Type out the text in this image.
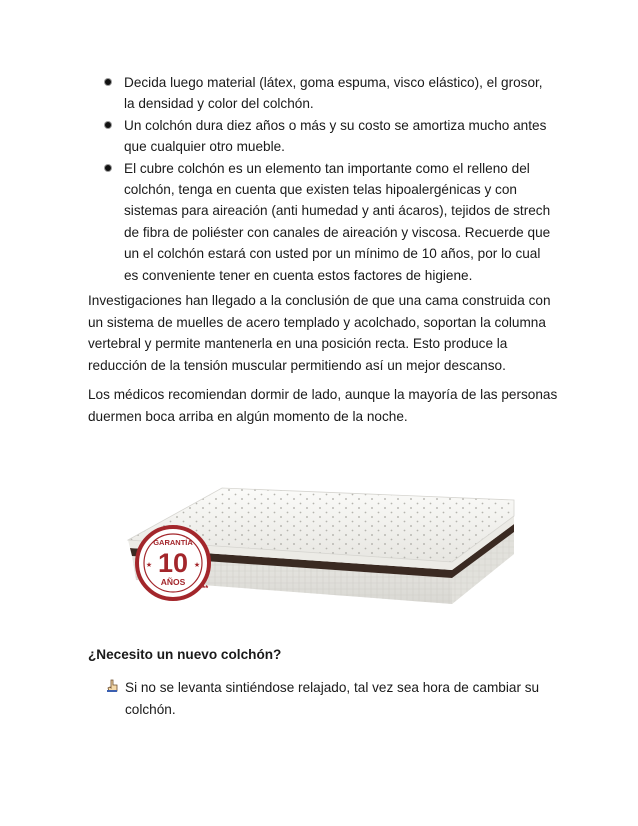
Decida luego material (látex, goma espuma, visco elástico), el grosor, la densidad y color del colchón.
Un colchón dura diez años o más y su costo se amortiza mucho antes que cualquier otro mueble.
El cubre colchón es un elemento tan importante como el relleno del colchón, tenga en cuenta que existen telas hipoalergénicas y con sistemas para aireación (anti humedad y anti ácaros), tejidos de strech de fibra de poliéster con canales de aireación y viscosa. Recuerde que un el colchón estará con usted por un mínimo de 10 años, por lo cual es conveniente tener en cuenta estos factores de higiene.

Investigaciones han llegado a la conclusión de que una cama construida con un sistema de muelles de acero templado y acolchado, soportan la columna vertebral y permite mantenerla en una posición recta. Esto produce la reducción de la tensión muscular permitiendo así un mejor descanso.

Los médicos recomiendan dormir de lado, aunque la mayoría de las personas duermen boca arriba en algún momento de la noche.

GARANTÍA
10
AÑOS
★	★
**
¿Necesito un nuevo colchón?
Si no se levanta sintiéndose relajado, tal vez sea hora de cambiar su colchón.
